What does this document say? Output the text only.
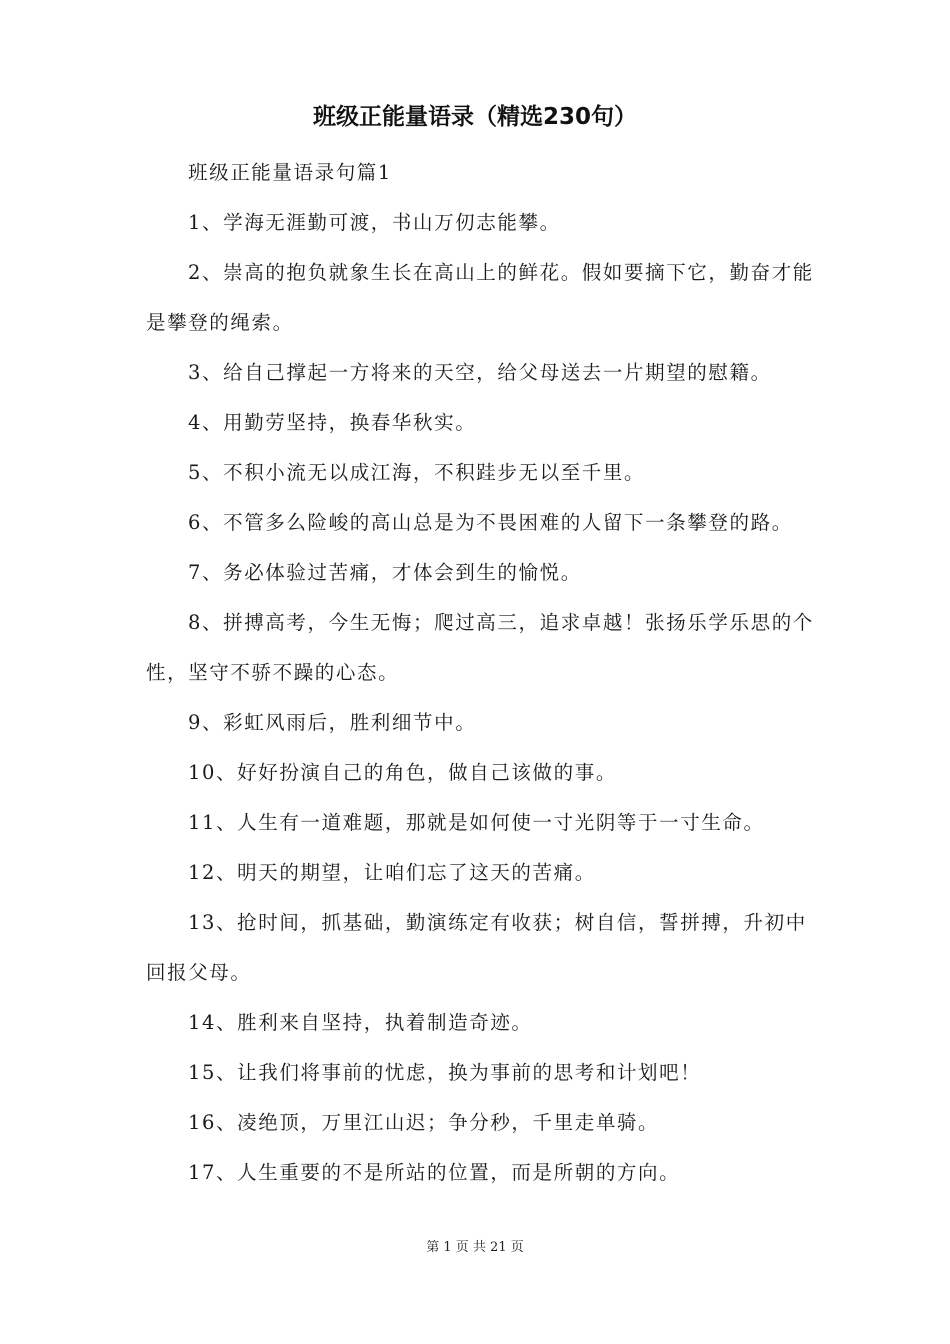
班级正能量语录（精选230句）

班级正能量语录句篇1

1、学海无涯勤可渡，书山万仞志能攀。

2、崇高的抱负就象生长在高山上的鲜花。假如要摘下它，勤奋才能是攀登的绳索。

3、给自己撑起一方将来的天空，给父母送去一片期望的慰籍。

4、用勤劳坚持，换春华秋实。

5、不积小流无以成江海，不积跬步无以至千里。

6、不管多么险峻的高山总是为不畏困难的人留下一条攀登的路。

7、务必体验过苦痛，才体会到生的愉悦。

8、拼搏高考，今生无悔；爬过高三，追求卓越！张扬乐学乐思的个性，坚守不骄不躁的心态。

9、彩虹风雨后，胜利细节中。

10、好好扮演自己的角色，做自己该做的事。

11、人生有一道难题，那就是如何使一寸光阴等于一寸生命。

12、明天的期望，让咱们忘了这天的苦痛。

13、抢时间，抓基础，勤演练定有收获；树自信，誓拼搏，升初中回报父母。

14、胜利来自坚持，执着制造奇迹。

15、让我们将事前的忧虑，换为事前的思考和计划吧！

16、凌绝顶，万里江山迟；争分秒，千里走单骑。

17、人生重要的不是所站的位置，而是所朝的方向。

第 1 页 共 21 页
